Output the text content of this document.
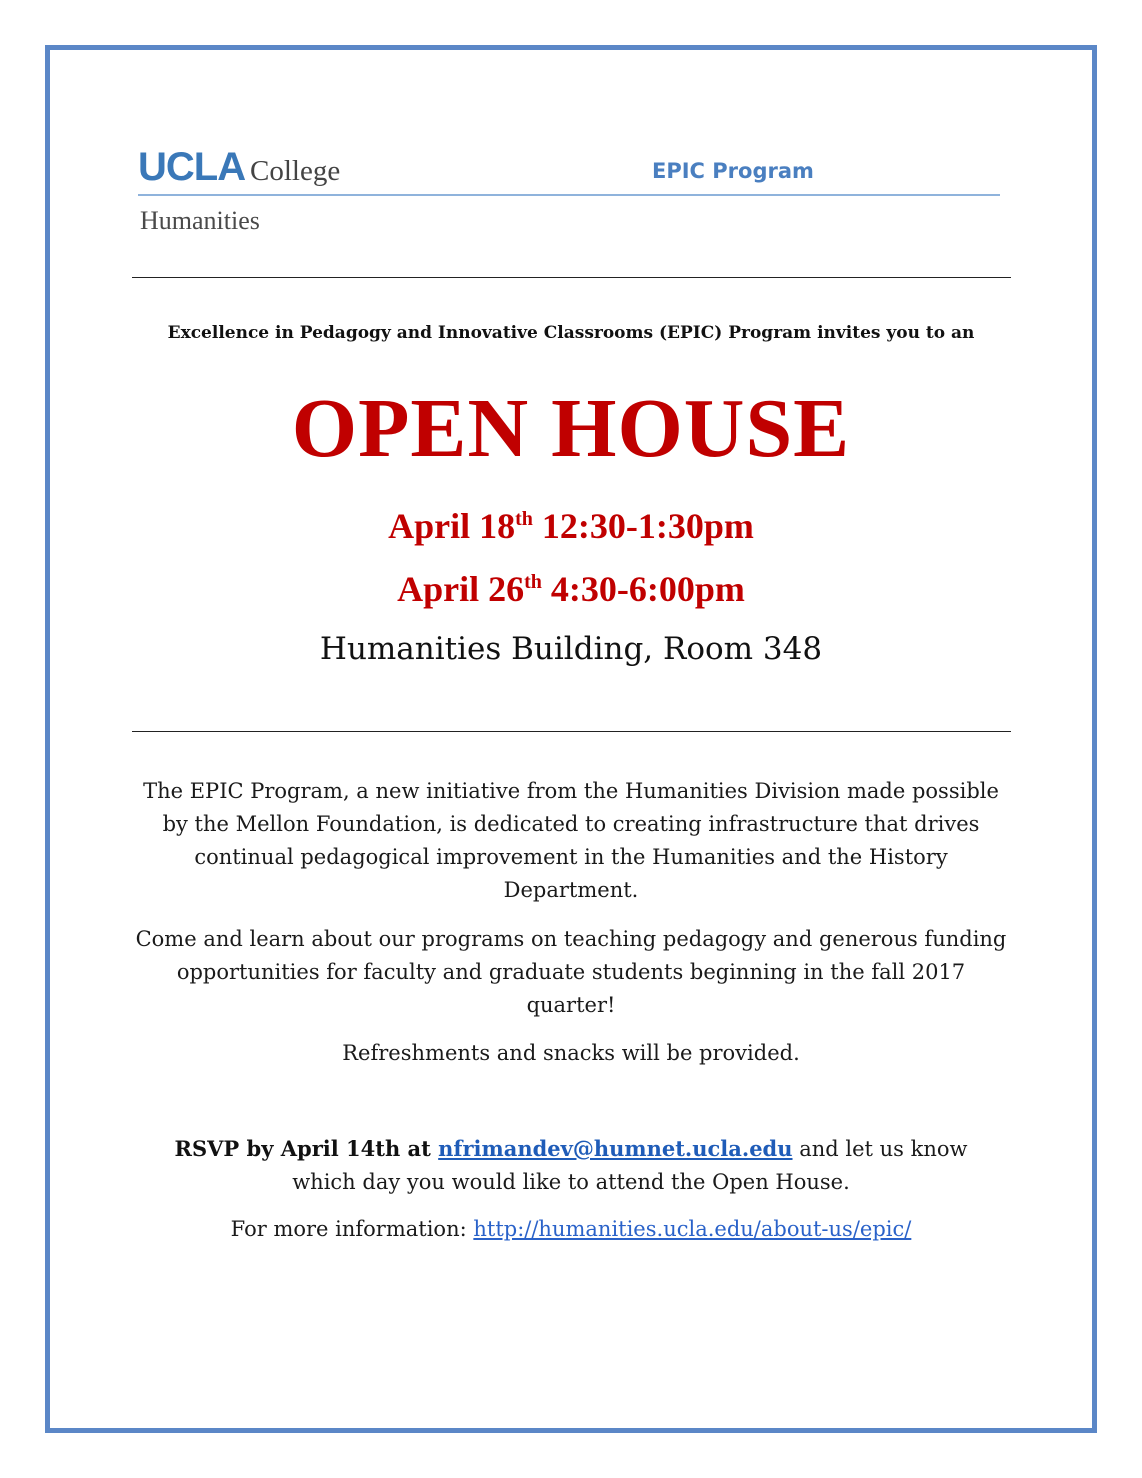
UCLA College	EPIC Program
Humanities
Excellence in Pedagogy and Innovative Classrooms (EPIC) Program invites you to an
OPEN HOUSE
April 18th 12:30-1:30pm
April 26th 4:30-6:00pm
Humanities Building, Room 348
The EPIC Program, a new initiative from the Humanities Division made possible by the Mellon Foundation, is dedicated to creating infrastructure that drives continual pedagogical improvement in the Humanities and the History Department.
Come and learn about our programs on teaching pedagogy and generous funding opportunities for faculty and graduate students beginning in the fall 2017 quarter!
Refreshments and snacks will be provided.
RSVP by April 14th at nfrimandev@humnet.ucla.edu and let us know which day you would like to attend the Open House.
For more information: http://humanities.ucla.edu/about-us/epic/
